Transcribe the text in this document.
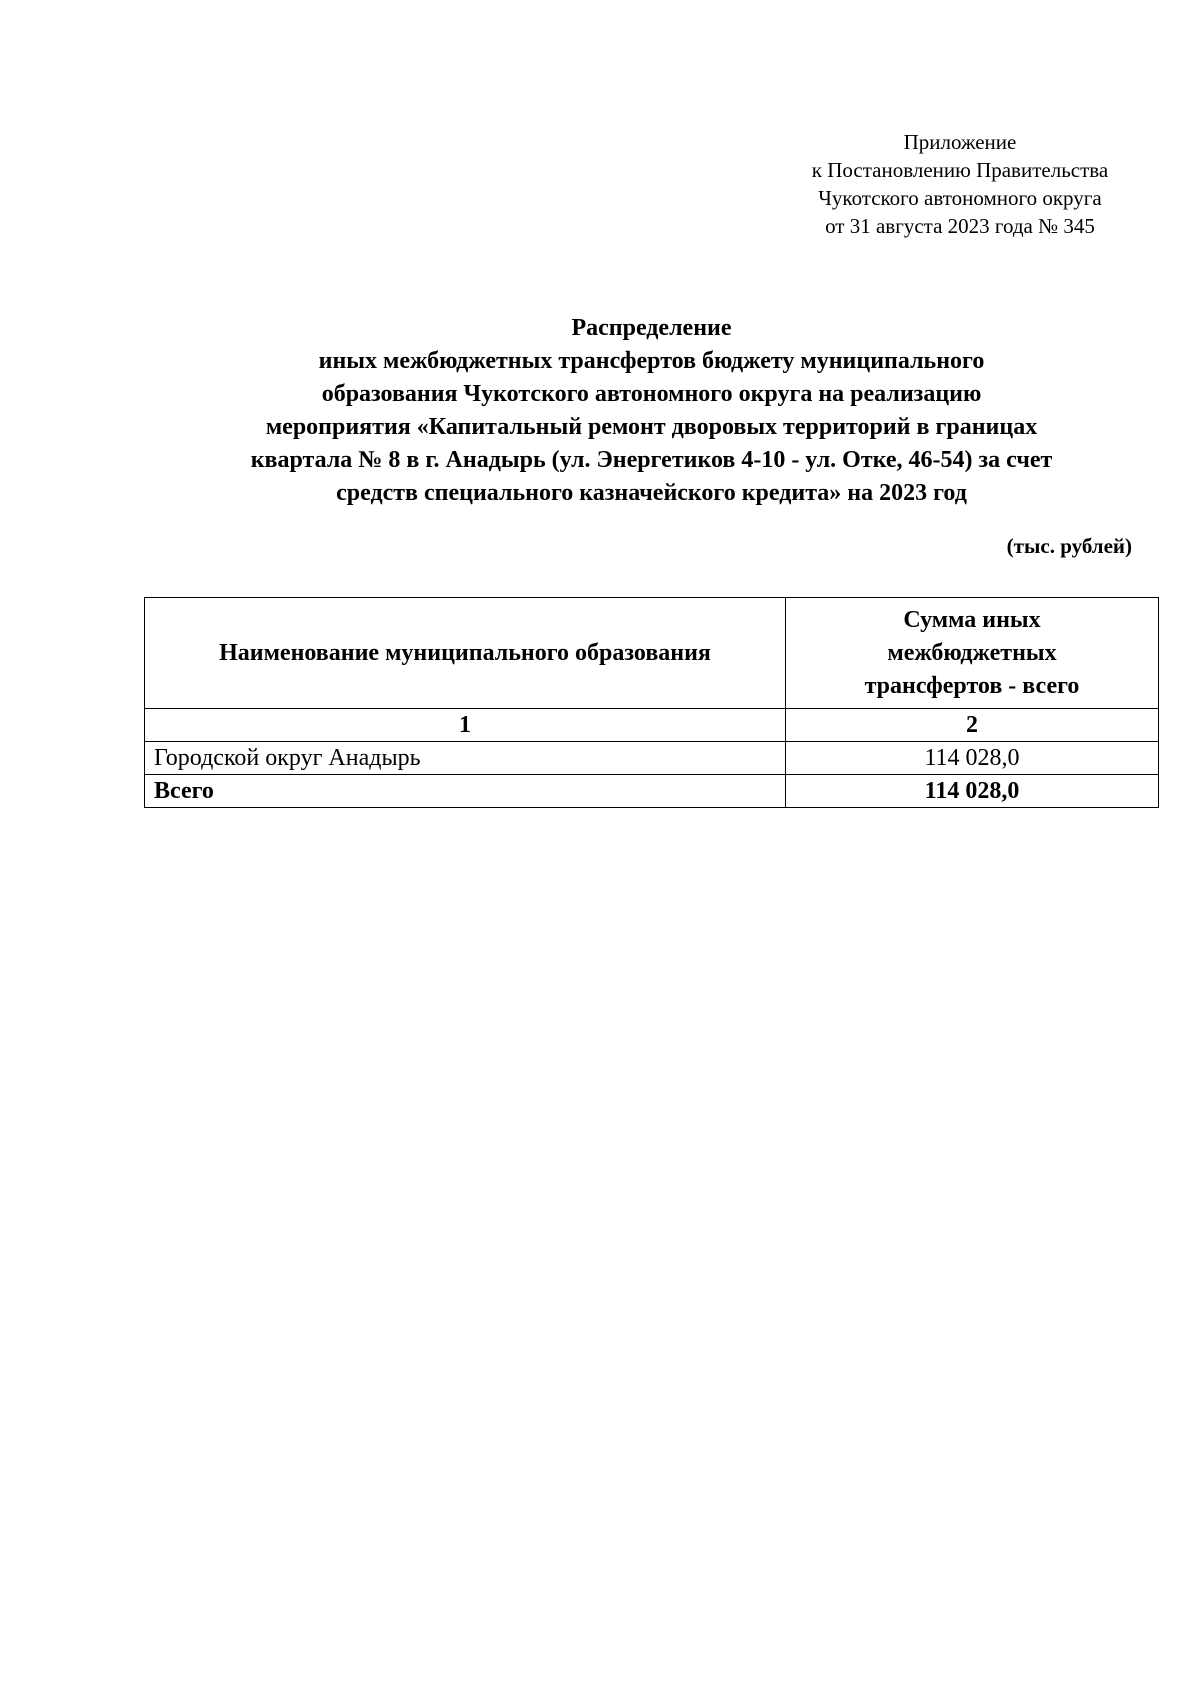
Приложение
к Постановлению Правительства
Чукотского автономного округа
от 31 августа 2023 года № 345
Распределение
иных межбюджетных трансфертов бюджету муниципального
образования Чукотского автономного округа на реализацию
мероприятия «Капитальный ремонт дворовых территорий в границах
квартала № 8 в г. Анадырь (ул. Энергетиков 4-10 - ул. Отке, 46-54) за счет
средств специального казначейского кредита» на 2023 год
(тыс. рублей)
Наименование муниципального образования	Сумма иных
межбюджетных
трансфертов - всего

1	2
Городской округ Анадырь	114 028,0
Всего	114 028,0
